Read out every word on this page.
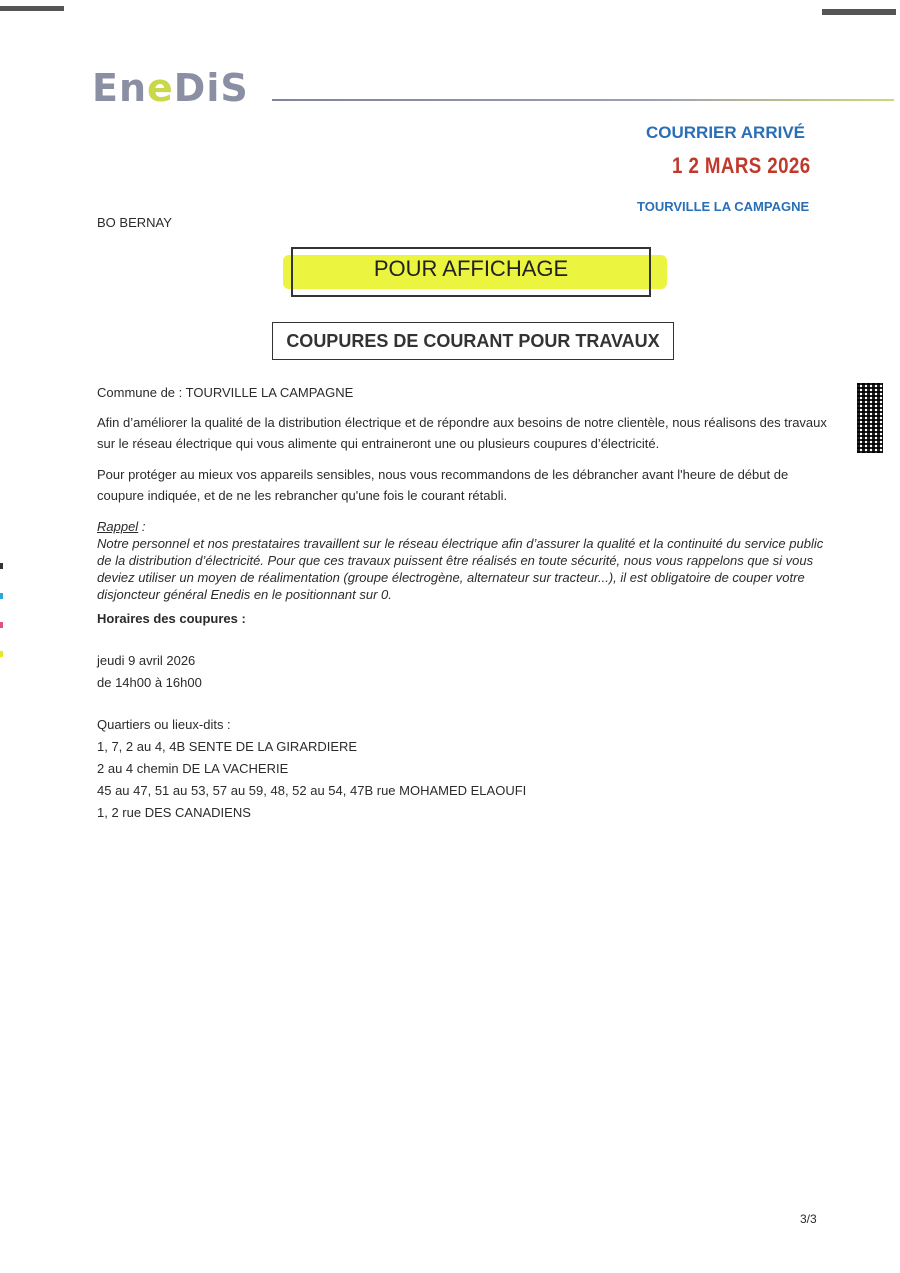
EneDiS
COURRIER ARRIVÉ
1 2 MARS 2026
TOURVILLE LA CAMPAGNE
BO BERNAY
POUR AFFICHAGE
COUPURES DE COURANT POUR TRAVAUX
Commune de : TOURVILLE LA CAMPAGNE
Afin d’améliorer la qualité de la distribution électrique et de répondre aux besoins de notre clientèle, nous réalisons des travaux sur le réseau électrique qui vous alimente qui entraineront une ou plusieurs coupures d’électricité.
Pour protéger au mieux vos appareils sensibles, nous vous recommandons de les débrancher avant l'heure de début de coupure indiquée, et de ne les rebrancher qu'une fois le courant rétabli.
Rappel :
Notre personnel et nos prestataires travaillent sur le réseau électrique afin d’assurer la qualité et la continuité du service public de la distribution d’électricité. Pour que ces travaux puissent être réalisés en toute sécurité, nous vous rappelons que si vous deviez utiliser un moyen de réalimentation (groupe électrogène, alternateur sur tracteur...), il est obligatoire de couper votre disjoncteur général Enedis en le positionnant sur 0.
Horaires des coupures :
jeudi 9 avril 2026
de 14h00 à 16h00
Quartiers ou lieux-dits :
1, 7, 2 au 4, 4B SENTE DE LA GIRARDIERE
2 au 4 chemin DE LA VACHERIE
45 au 47, 51 au 53, 57 au 59, 48, 52 au 54, 47B rue MOHAMED ELAOUFI
1, 2 rue DES CANADIENS
3/3
